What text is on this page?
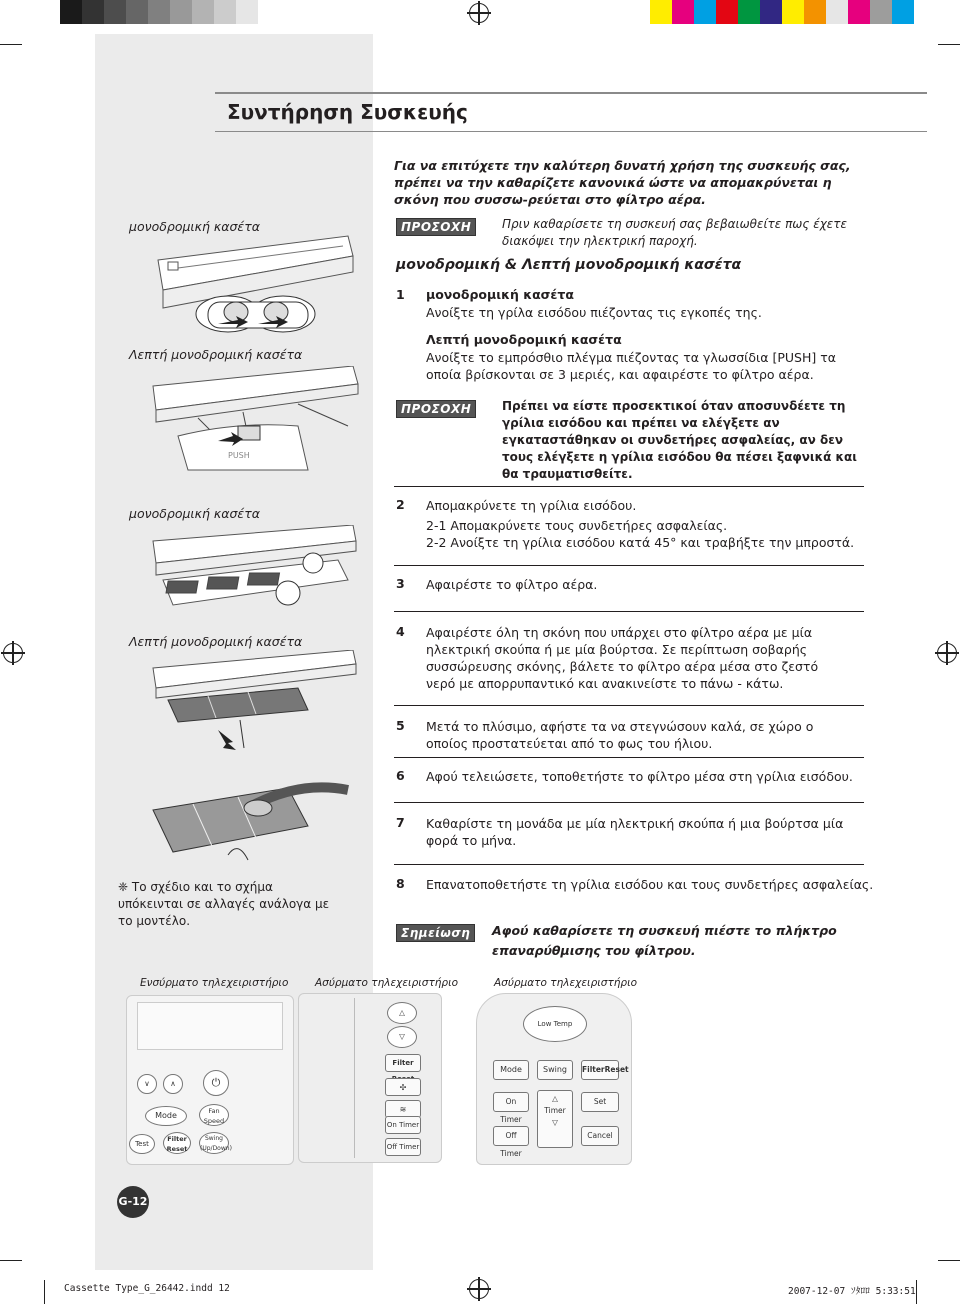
Συντήρηση Συσκευής
Για να επιτύχετε την καλύτερη δυνατή χρήση της συσκευής σας, πρέπει να την καθαρίζετε κανονικά ώστε να απομακρύνεται η σκόνη που συσσω-ρεύεται στο φίλτρο αέρα.
ΠΡΟΣΟΧΗ	Πριν καθαρίσετε τη συσκευή σας βεβαιωθείτε πως έχετε διακόψει την ηλεκτρική παροχή.
μονοδρομική & Λεπτή μονοδρομική κασέτα
1 μονοδρομική κασέτα
Ανοίξτε τη γρίλα εισόδου πιέζοντας τις εγκοπές της.
Λεπτή μονοδρομική κασέτα
Ανοίξτε το εμπρόσθιο πλέγμα πιέζοντας τα γλωσσίδια [PUSH] τα οποία βρίσκονται σε 3 μεριές, και αφαιρέστε το φίλτρο αέρα.
ΠΡΟΣΟΧΗ	Πρέπει να είστε προσεκτικοί όταν αποσυνδέετε τη γρίλια εισόδου και πρέπει να ελέγξετε αν εγκαταστάθηκαν οι συνδετήρες ασφαλείας, αν δεν τους ελέγξετε η γρίλια εισόδου θα πέσει ξαφνικά και θα τραυματισθείτε.
2 Απομακρύνετε τη γρίλια εισόδου.
2-1 Απομακρύνετε τους συνδετήρες ασφαλείας.
2-2 Ανοίξτε τη γρίλια εισόδου κατά 45° και τραβήξτε την μπροστά.
3 Αφαιρέστε το φίλτρο αέρα.
4 Αφαιρέστε όλη τη σκόνη που υπάρχει στο φίλτρο αέρα με μία ηλεκτρική σκούπα ή με μία βούρτσα. Σε περίπτωση σοβαρής συσσώρευσης σκόνης, βάλετε το φίλτρο αέρα μέσα στο ζεστό νερό με απορρυπαντικό και ανακινείστε το πάνω - κάτω.
5 Μετά το πλύσιμο, αφήστε τα να στεγνώσουν καλά, σε χώρο ο οποίος προστατεύεται από το φως του ήλιου.
6 Αφού τελειώσετε, τοποθετήστε το φίλτρο μέσα στη γρίλια εισόδου.
7 Καθαρίστε τη μονάδα με μία ηλεκτρική σκούπα ή μια βούρτσα μία φορά το μήνα.
8 Επανατοποθετήστε τη γρίλια εισόδου και τους συνδετήρες ασφαλείας.
Σημείωση	Αφού καθαρίσετε τη συσκευή πιέστε το πλήκτρο επαναρύθμισης του φίλτρου.
μονοδρομική κασέτα
Λεπτή μονοδρομική κασέτα
μονοδρομική κασέτα
Λεπτή μονοδρομική κασέτα
PUSH
❈ Το σχέδιο και το σχήμα υπόκεινται σε αλλαγές ανάλογα με το μοντέλο.
Ενσύρματο τηλεχειριστήριο	Ασύρματο τηλεχειριστήριο	Ασύρματο τηλεχειριστήριο
∨	∧	⏻
Mode	Fan Speed
Test
Filter Reset
Swing (Up/Down)
△
▽
Filter
✣
≋
On Timer
Off Timer
Low Temp
Mode	Swing	FilterReset
On Timer
△
Timer
▽
Set
Off Timer
Cancel
G-12
Cassette Type_G_26442.indd 12	2007-12-07 ｿﾀﾛﾛ 5:33:51
